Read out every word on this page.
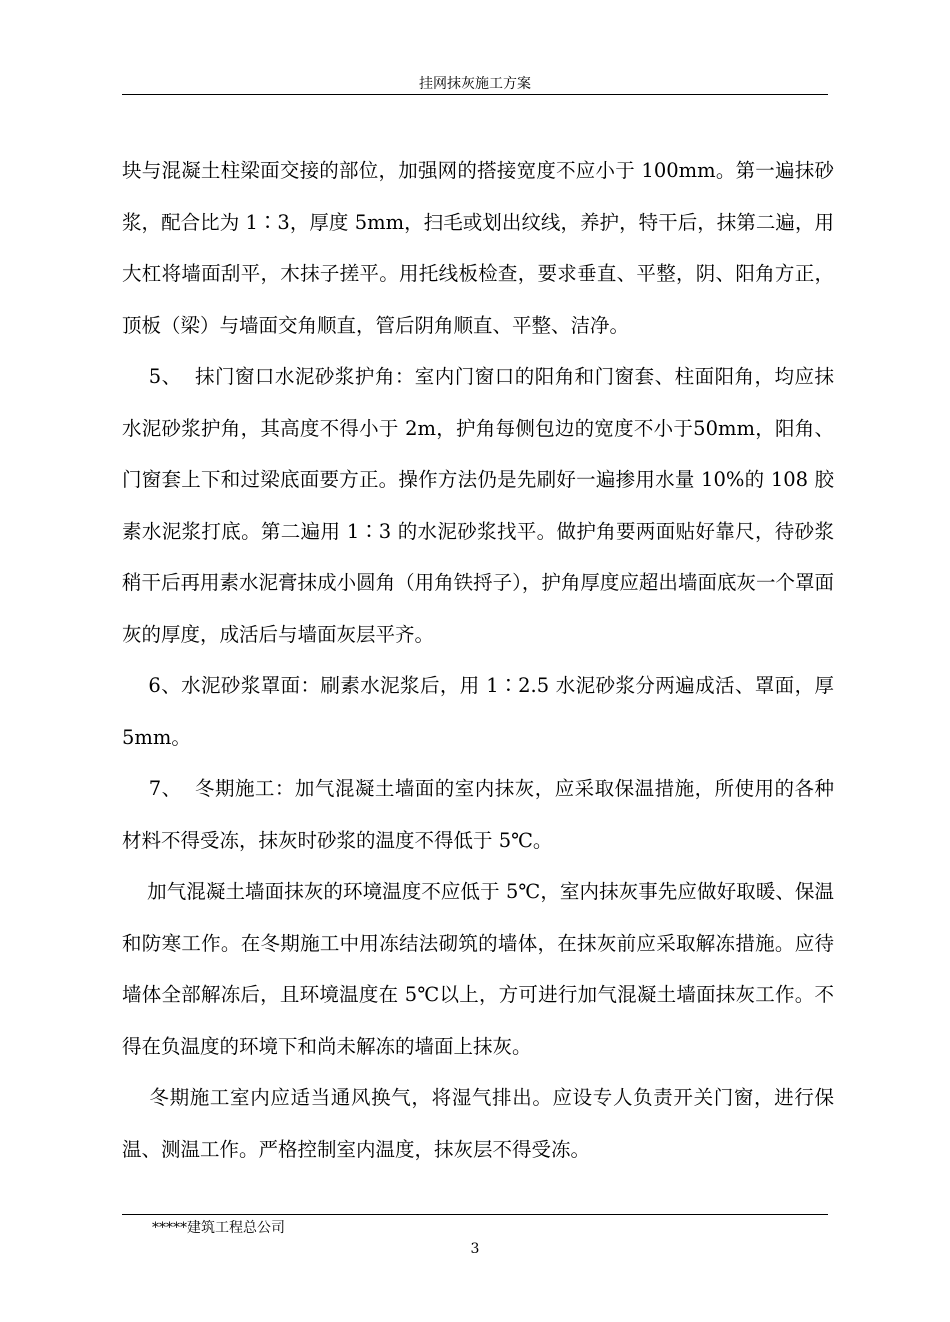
挂网抹灰施工方案

块与混凝土柱梁面交接的部位，加强网的搭接宽度不应小于 100mm。第一遍抹砂浆，配合比为 1∶3，厚度 5mm，扫毛或划出纹线，养护，特干后，抹第二遍，用大杠将墙面刮平，木抹子搓平。用托线板检查，要求垂直、平整，阴、阳角方正，顶板（梁）与墙面交角顺直，管后阴角顺直、平整、洁净。

5、  抹门窗口水泥砂浆护角：室内门窗口的阳角和门窗套、柱面阳角，均应抹水泥砂浆护角，其高度不得小于 2m，护角每侧包边的宽度不小于50mm，阳角、门窗套上下和过梁底面要方正。操作方法仍是先刷好一遍掺用水量 10%的 108 胶素水泥浆打底。第二遍用 1∶3 的水泥砂浆找平。做护角要两面贴好靠尺，待砂浆稍干后再用素水泥膏抹成小圆角（用角铁捋子），护角厚度应超出墙面底灰一个罩面灰的厚度，成活后与墙面灰层平齐。

6、水泥砂浆罩面：刷素水泥浆后，用 1∶2.5 水泥砂浆分两遍成活、罩面，厚 5mm。

7、  冬期施工：加气混凝土墙面的室内抹灰，应采取保温措施，所使用的各种材料不得受冻，抹灰时砂浆的温度不得低于 5℃。

加气混凝土墙面抹灰的环境温度不应低于 5℃，室内抹灰事先应做好取暖、保温和防寒工作。在冬期施工中用冻结法砌筑的墙体，在抹灰前应采取解冻措施。应待墙体全部解冻后，且环境温度在 5℃以上，方可进行加气混凝土墙面抹灰工作。不得在负温度的环境下和尚未解冻的墙面上抹灰。

冬期施工室内应适当通风换气，将湿气排出。应设专人负责开关门窗，进行保温、测温工作。严格控制室内温度，抹灰层不得受冻。

*****建筑工程总公司
3
